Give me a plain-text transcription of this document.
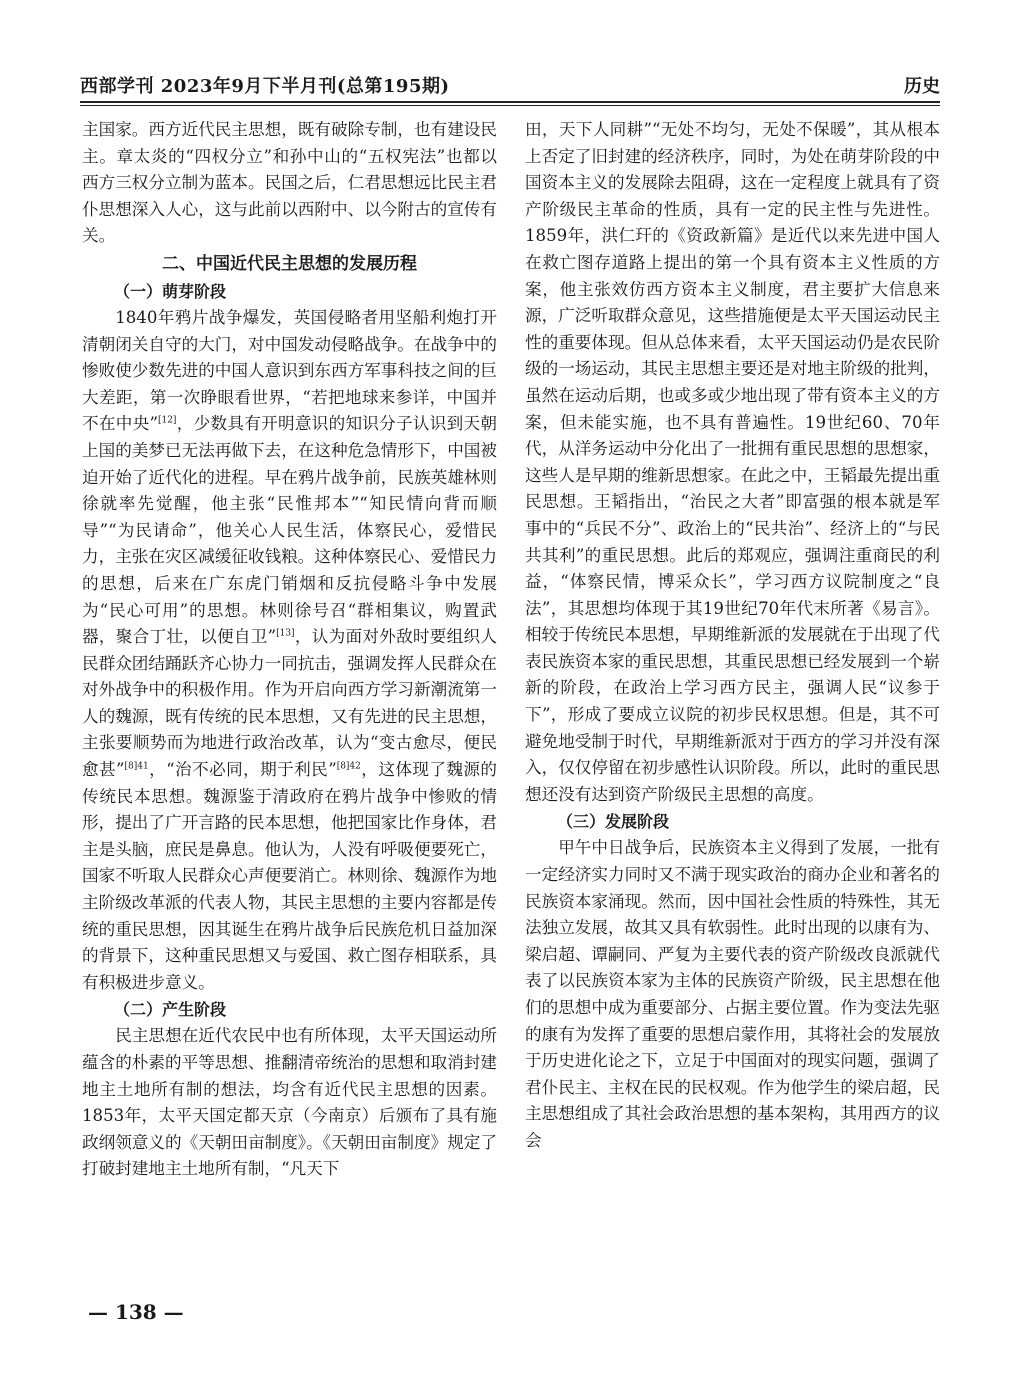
西部学刊 2023年9月下半月刊(总第195期)	历史

主国家。西方近代民主思想，既有破除专制，也有建设民主。章太炎的“四权分立”和孙中山的“五权宪法”也都以西方三权分立制为蓝本。民国之后，仁君思想远比民主君仆思想深入人心，这与此前以西附中、以今附古的宣传有关。

二、中国近代民主思想的发展历程
（一）萌芽阶段

1840年鸦片战争爆发，英国侵略者用坚船利炮打开清朝闭关自守的大门，对中国发动侵略战争。在战争中的惨败使少数先进的中国人意识到东西方军事科技之间的巨大差距，第一次睁眼看世界，“若把地球来参详，中国并不在中央”[12]，少数具有开明意识的知识分子认识到天朝上国的美梦已无法再做下去，在这种危急情形下，中国被迫开始了近代化的进程。早在鸦片战争前，民族英雄林则徐就率先觉醒，他主张“民惟邦本”“知民情向背而顺导”“为民请命”，他关心人民生活，体察民心，爱惜民力，主张在灾区减缓征收钱粮。这种体察民心、爱惜民力的思想，后来在广东虎门销烟和反抗侵略斗争中发展为“民心可用”的思想。林则徐号召“群相集议，购置武器，聚合丁壮，以便自卫”[13]，认为面对外敌时要组织人民群众团结踊跃齐心协力一同抗击，强调发挥人民群众在对外战争中的积极作用。作为开启向西方学习新潮流第一人的魏源，既有传统的民本思想，又有先进的民主思想，主张要顺势而为地进行政治改革，认为“变古愈尽，便民愈甚”$^{[8]41}$，“治不必同，期于利民”$^{[8]42}$，这体现了魏源的传统民本思想。魏源鉴于清政府在鸦片战争中惨败的情形，提出了广开言路的民本思想，他把国家比作身体，君主是头脑，庶民是鼻息。他认为，人没有呼吸便要死亡，国家不听取人民群众心声便要消亡。林则徐、魏源作为地主阶级改革派的代表人物，其民主思想的主要内容都是传统的重民思想，因其诞生在鸦片战争后民族危机日益加深的背景下，这种重民思想又与爱国、救亡图存相联系，具有积极进步意义。

（二）产生阶段

民主思想在近代农民中也有所体现，太平天国运动所蕴含的朴素的平等思想、推翻清帝统治的思想和取消封建地主土地所有制的想法，均含有近代民主思想的因素。1853年，太平天国定都天京（今南京）后颁布了具有施政纲领意义的《天朝田亩制度》。《天朝田亩制度》规定了打破封建地主土地所有制，“凡天下

田，天下人同耕”“无处不均匀，无处不保暖”，其从根本上否定了旧封建的经济秩序，同时，为处在萌芽阶段的中国资本主义的发展除去阻碍，这在一定程度上就具有了资产阶级民主革命的性质，具有一定的民主性与先进性。1859年，洪仁玕的《资政新篇》是近代以来先进中国人在救亡图存道路上提出的第一个具有资本主义性质的方案，他主张效仿西方资本主义制度，君主要扩大信息来源，广泛听取群众意见，这些措施便是太平天国运动民主性的重要体现。但从总体来看，太平天国运动仍是农民阶级的一场运动，其民主思想主要还是对地主阶级的批判，虽然在运动后期，也或多或少地出现了带有资本主义的方案，但未能实施，也不具有普遍性。19世纪60、70年代，从洋务运动中分化出了一批拥有重民思想的思想家，这些人是早期的维新思想家。在此之中，王韬最先提出重民思想。王韬指出，“治民之大者”即富强的根本就是军事中的“兵民不分”、政治上的“民共治”、经济上的“与民共其利”的重民思想。此后的郑观应，强调注重商民的利益，“体察民情，博采众长”，学习西方议院制度之“良法”，其思想均体现于其19世纪70年代末所著《易言》。相较于传统民本思想，早期维新派的发展就在于出现了代表民族资本家的重民思想，其重民思想已经发展到一个崭新的阶段，在政治上学习西方民主，强调人民“议参于下”，形成了要成立议院的初步民权思想。但是，其不可避免地受制于时代，早期维新派对于西方的学习并没有深入，仅仅停留在初步感性认识阶段。所以，此时的重民思想还没有达到资产阶级民主思想的高度。

（三）发展阶段

甲午中日战争后，民族资本主义得到了发展，一批有一定经济实力同时又不满于现实政治的商办企业和著名的民族资本家涌现。然而，因中国社会性质的特殊性，其无法独立发展，故其又具有软弱性。此时出现的以康有为、梁启超、谭嗣同、严复为主要代表的资产阶级改良派就代表了以民族资本家为主体的民族资产阶级，民主思想在他们的思想中成为重要部分、占据主要位置。作为变法先驱的康有为发挥了重要的思想启蒙作用，其将社会的发展放于历史进化论之下，立足于中国面对的现实问题，强调了君仆民主、主权在民的民权观。作为他学生的梁启超，民主思想组成了其社会政治思想的基本架构，其用西方的议会

— 138 —
